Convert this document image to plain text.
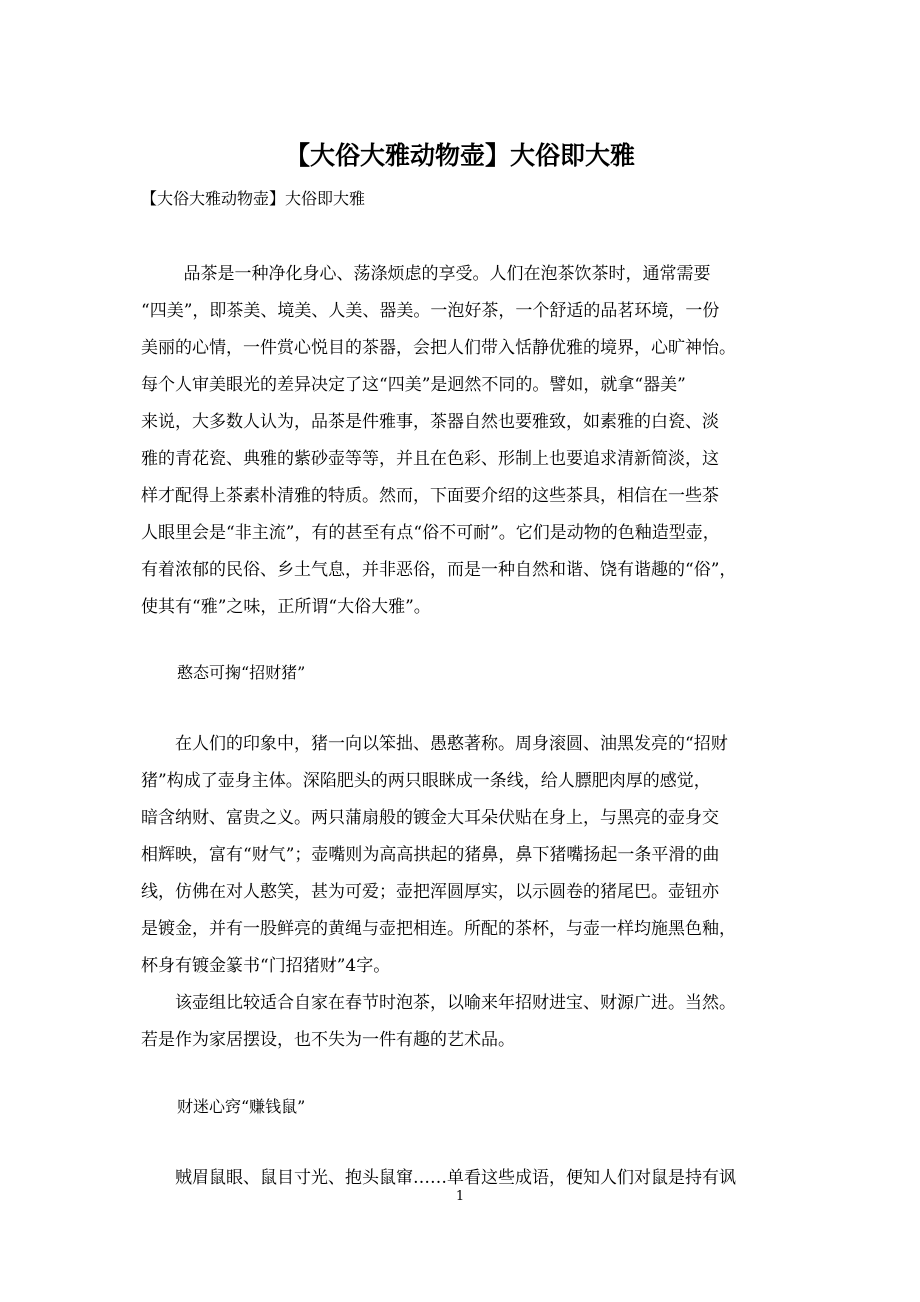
【大俗大雅动物壶】大俗即大雅
【大俗大雅动物壶】大俗即大雅

品茶是一种净化身心、荡涤烦虑的享受。人们在泡茶饮茶时，通常需要

“四美”，即茶美、境美、人美、器美。一泡好茶，一个舒适的品茗环境，一份

美丽的心情，一件赏心悦目的茶器，会把人们带入恬静优雅的境界，心旷神怡。

每个人审美眼光的差异决定了这“四美”是迥然不同的。譬如，就拿“器美”

来说，大多数人认为，品茶是件雅事，茶器自然也要雅致，如素雅的白瓷、淡

雅的青花瓷、典雅的紫砂壶等等，并且在色彩、形制上也要追求清新简淡，这

样才配得上茶素朴清雅的特质。然而，下面要介绍的这些茶具，相信在一些茶

人眼里会是“非主流”，有的甚至有点“俗不可耐”。它们是动物的色釉造型壶，

有着浓郁的民俗、乡土气息，并非恶俗，而是一种自然和谐、饶有谐趣的“俗”，

使其有“雅”之味，正所谓“大俗大雅”。

憨态可掬“招财猪”

在人们的印象中，猪一向以笨拙、愚憨著称。周身滚圆、油黑发亮的“招财

猪”构成了壶身主体。深陷肥头的两只眼眯成一条线，给人膘肥肉厚的感觉，

暗含纳财、富贵之义。两只蒲扇般的镀金大耳朵伏贴在身上，与黑亮的壶身交

相辉映，富有“财气”；壶嘴则为高高拱起的猪鼻，鼻下猪嘴扬起一条平滑的曲

线，仿佛在对人憨笑，甚为可爱；壶把浑圆厚实，以示圆卷的猪尾巴。壶钮亦

是镀金，并有一股鲜亮的黄绳与壶把相连。所配的茶杯，与壶一样均施黑色釉，

杯身有镀金篆书“门招猪财”4字。

该壶组比较适合自家在春节时泡茶，以喻来年招财进宝、财源广进。当然。

若是作为家居摆设，也不失为一件有趣的艺术品。

财迷心窍“赚钱鼠”

贼眉鼠眼、鼠目寸光、抱头鼠窜……单看这些成语，便知人们对鼠是持有讽

1
